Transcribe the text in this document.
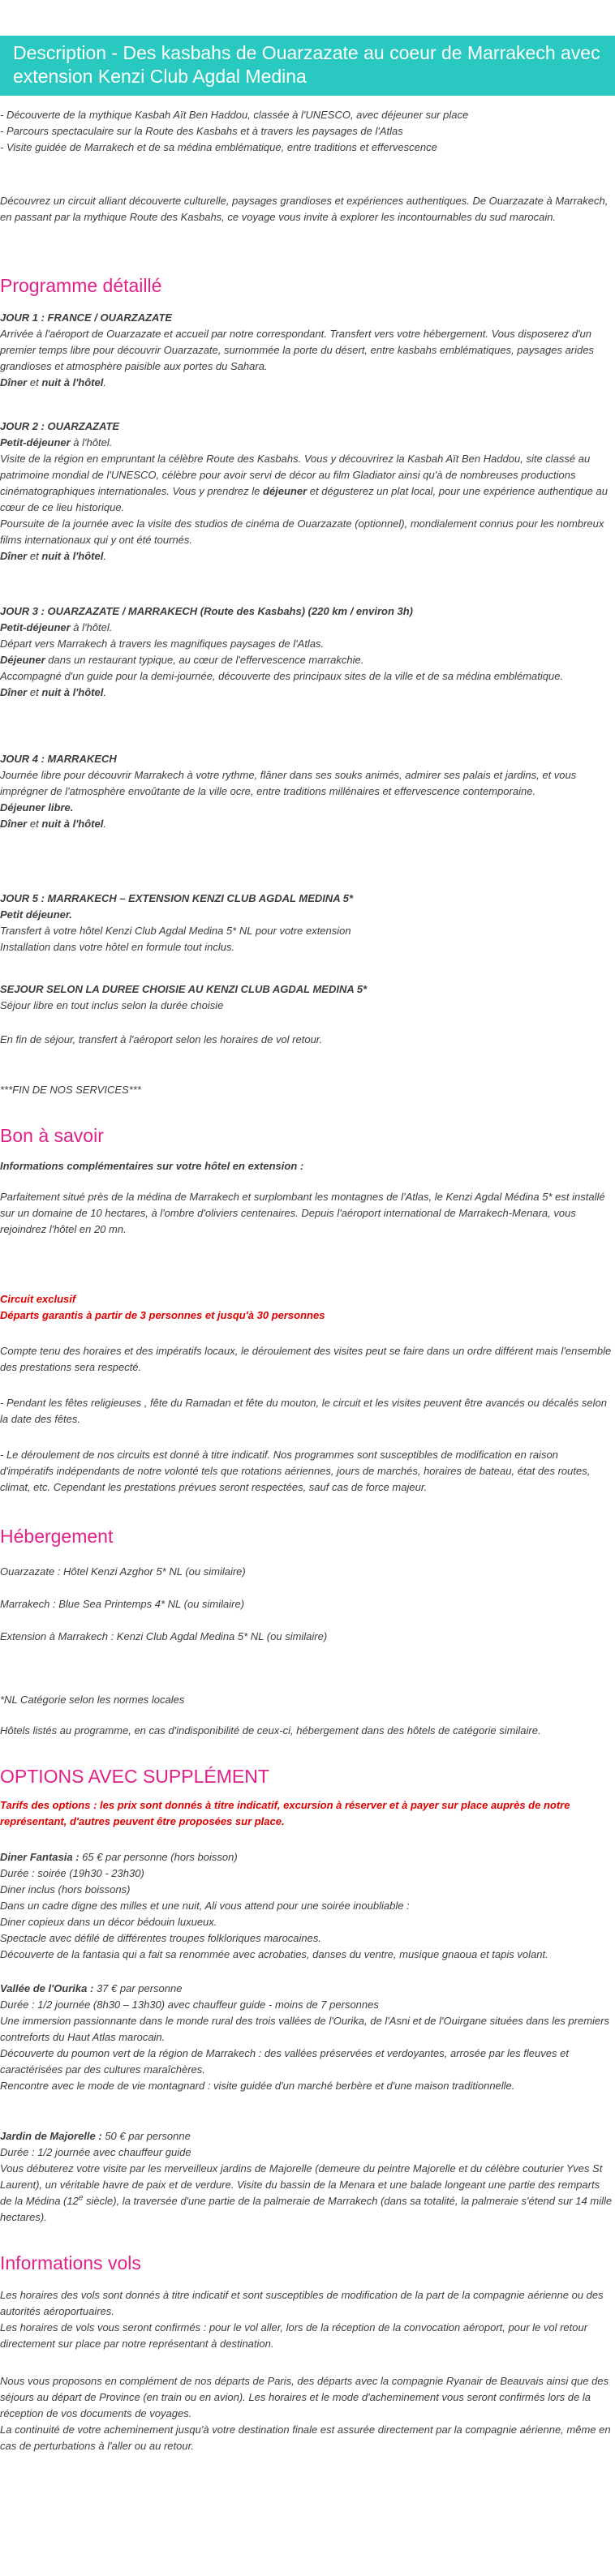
Description - Des kasbahs de Ouarzazate au coeur de Marrakech avec extension Kenzi Club Agdal Medina

- Découverte de la mythique Kasbah Aït Ben Haddou, classée à l'UNESCO, avec déjeuner sur place

- Parcours spectaculaire sur la Route des Kasbahs et à travers les paysages de l'Atlas

- Visite guidée de Marrakech et de sa médina emblématique, entre traditions et effervescence

Découvrez un circuit alliant découverte culturelle, paysages grandioses et expériences authentiques. De Ouarzazate à Marrakech, en passant par la mythique Route des Kasbahs, ce voyage vous invite à explorer les incontournables du sud marocain.

Programme détaillé

JOUR 1 : FRANCE / OUARZAZATE

Arrivée à l'aéroport de Ouarzazate et accueil par notre correspondant. Transfert vers votre hébergement. Vous disposerez d'un premier temps libre pour découvrir Ouarzazate, surnommée la porte du désert, entre kasbahs emblématiques, paysages arides grandioses et atmosphère paisible aux portes du Sahara.

Dîner et nuit à l'hôtel.

JOUR 2 : OUARZAZATE

Petit-déjeuner à l'hôtel.

Visite de la région en empruntant la célèbre Route des Kasbahs. Vous y découvrirez la Kasbah Aït Ben Haddou, site classé au patrimoine mondial de l'UNESCO, célèbre pour avoir servi de décor au film Gladiator ainsi qu'à de nombreuses productions cinématographiques internationales. Vous y prendrez le déjeuner et dégusterez un plat local, pour une expérience authentique au cœur de ce lieu historique.

Poursuite de la journée avec la visite des studios de cinéma de Ouarzazate (optionnel), mondialement connus pour les nombreux films internationaux qui y ont été tournés.

Dîner et nuit à l'hôtel.

JOUR 3 : OUARZAZATE / MARRAKECH (Route des Kasbahs) (220 km / environ 3h)

Petit-déjeuner à l'hôtel.

Départ vers Marrakech à travers les magnifiques paysages de l'Atlas.

Déjeuner dans un restaurant typique, au cœur de l'effervescence marrakchie.

Accompagné d'un guide pour la demi-journée, découverte des principaux sites de la ville et de sa médina emblématique.

Dîner et nuit à l'hôtel.

JOUR 4 : MARRAKECH

Journée libre pour découvrir Marrakech à votre rythme, flâner dans ses souks animés, admirer ses palais et jardins, et vous imprégner de l'atmosphère envoûtante de la ville ocre, entre traditions millénaires et effervescence contemporaine.

Déjeuner libre.

Dîner et nuit à l'hôtel.

JOUR 5 : MARRAKECH – EXTENSION KENZI CLUB AGDAL MEDINA 5*

Petit déjeuner.

Transfert à votre hôtel Kenzi Club Agdal Medina 5* NL pour votre extension

Installation dans votre hôtel en formule tout inclus.

SEJOUR SELON LA DUREE CHOISIE AU KENZI CLUB AGDAL MEDINA 5*

Séjour libre en tout inclus selon la durée choisie

En fin de séjour, transfert à l'aéroport selon les horaires de vol retour.

***FIN DE NOS SERVICES***

Bon à savoir

Informations complémentaires sur votre hôtel en extension :

Parfaitement situé près de la médina de Marrakech et surplombant les montagnes de l'Atlas, le Kenzi Agdal Médina 5* est installé sur un domaine de 10 hectares, à l'ombre d'oliviers centenaires. Depuis l'aéroport international de Marrakech-Menara, vous rejoindrez l'hôtel en 20 mn.

Circuit exclusif

Départs garantis à partir de 3 personnes et jusqu'à 30 personnes

Compte tenu des horaires et des impératifs locaux, le déroulement des visites peut se faire dans un ordre différent mais l'ensemble des prestations sera respecté.

- Pendant les fêtes religieuses , fête du Ramadan et fête du mouton, le circuit et les visites peuvent être avancés ou décalés selon la date des fêtes.

- Le déroulement de nos circuits est donné à titre indicatif. Nos programmes sont susceptibles de modification en raison d'impératifs indépendants de notre volonté tels que rotations aériennes, jours de marchés, horaires de bateau, état des routes, climat, etc. Cependant les prestations prévues seront respectées, sauf cas de force majeur.

Hébergement

Ouarzazate : Hôtel Kenzi Azghor 5* NL (ou similaire)

Marrakech : Blue Sea Printemps 4* NL (ou similaire)

Extension à Marrakech : Kenzi Club Agdal Medina 5* NL (ou similaire)

*NL Catégorie selon les normes locales

Hôtels listés au programme, en cas d'indisponibilité de ceux-ci, hébergement dans des hôtels de catégorie similaire.

OPTIONS AVEC SUPPLÉMENT

Tarifs des options : les prix sont donnés à titre indicatif, excursion à réserver et à payer sur place auprès de notre représentant, d'autres peuvent être proposées sur place.

Diner Fantasia : 65 € par personne (hors boisson)

Durée : soirée (19h30 - 23h30)

Diner inclus (hors boissons)

Dans un cadre digne des milles et une nuit, Ali vous attend pour une soirée inoubliable :

Diner copieux dans un décor bédouin luxueux.

Spectacle avec défilé de différentes troupes folkloriques marocaines.

Découverte de la fantasia qui a fait sa renommée avec acrobaties, danses du ventre, musique gnaoua et tapis volant.

Vallée de l'Ourika : 37 € par personne

Durée : 1/2 journée (8h30 – 13h30) avec chauffeur guide - moins de 7 personnes

Une immersion passionnante dans le monde rural des trois vallées de l'Ourika, de l'Asni et de l'Ouirgane situées dans les premiers contreforts du Haut Atlas marocain.

Découverte du poumon vert de la région de Marrakech : des vallées préservées et verdoyantes, arrosée par les fleuves et caractérisées par des cultures maraîchères.

Rencontre avec le mode de vie montagnard : visite guidée d'un marché berbère et d'une maison traditionnelle.

Jardin de Majorelle : 50 € par personne

Durée : 1/2 journée avec chauffeur guide

Vous débuterez votre visite par les merveilleux jardins de Majorelle (demeure du peintre Majorelle et du célèbre couturier Yves St Laurent), un véritable havre de paix et de verdure. Visite du bassin de la Menara et une balade longeant une partie des remparts de la Médina (12e siècle), la traversée d'une partie de la palmeraie de Marrakech (dans sa totalité, la palmeraie s'étend sur 14 mille hectares).

Informations vols

Les horaires des vols sont donnés à titre indicatif et sont susceptibles de modification de la part de la compagnie aérienne ou des autorités aéroportuaires.

Les horaires de vols vous seront confirmés : pour le vol aller, lors de la réception de la convocation aéroport, pour le vol retour directement sur place par notre représentant à destination.

Nous vous proposons en complément de nos départs de Paris, des départs avec la compagnie Ryanair de Beauvais ainsi que des séjours au départ de Province (en train ou en avion). Les horaires et le mode d'acheminement vous seront confirmés lors de la réception de vos documents de voyages.

La continuité de votre acheminement jusqu'à votre destination finale est assurée directement par la compagnie aérienne, même en cas de perturbations à l'aller ou au retour.
